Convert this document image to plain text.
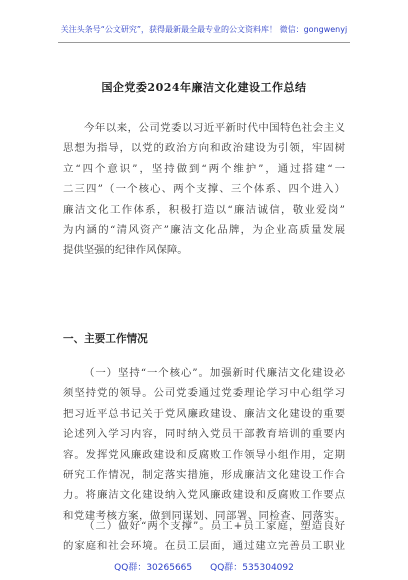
关注头条号“公文研究”，获得最新最全最专业的公文资料库！ 微信：gongwenyj
国企党委2024年廉洁文化建设工作总结
今年以来，公司党委以习近平新时代中国特色社会主义
思想为指导，以党的政治方向和政治建设为引领，牢固树
立“四个意识”，坚持做到“两个维护”，通过搭建“一
二三四”（一个核心、两个支撑、三个体系、四个进入）
廉洁文化工作体系，积极打造以“廉洁诚信，敬业爱岗”
为内涵的“清风资产”廉洁文化品牌，为企业高质量发展
提供坚强的纪律作风保障。
一、主要工作情况
（一）坚持“一个核心”。加强新时代廉洁文化建设必
须坚持党的领导。公司党委通过党委理论学习中心组学习
把习近平总书记关于党风廉政建设、廉洁文化建设的重要
论述列入学习内容，同时纳入党员干部教育培训的重要内
容。发挥党风廉政建设和反腐败工作领导小组作用，定期
研究工作情况，制定落实措施，形成廉洁文化建设工作合
力。将廉洁文化建设纳入党风廉政建设和反腐败工作要点
和党建考核方案，做到同谋划、同部署、同检查、同落实。
（二）做好“两个支撑”。员工+员工家庭，塑造良好
的家庭和社会环境。在员工层面，通过建立完善员工职业
QQ群：30265665 QQ群：535304092
